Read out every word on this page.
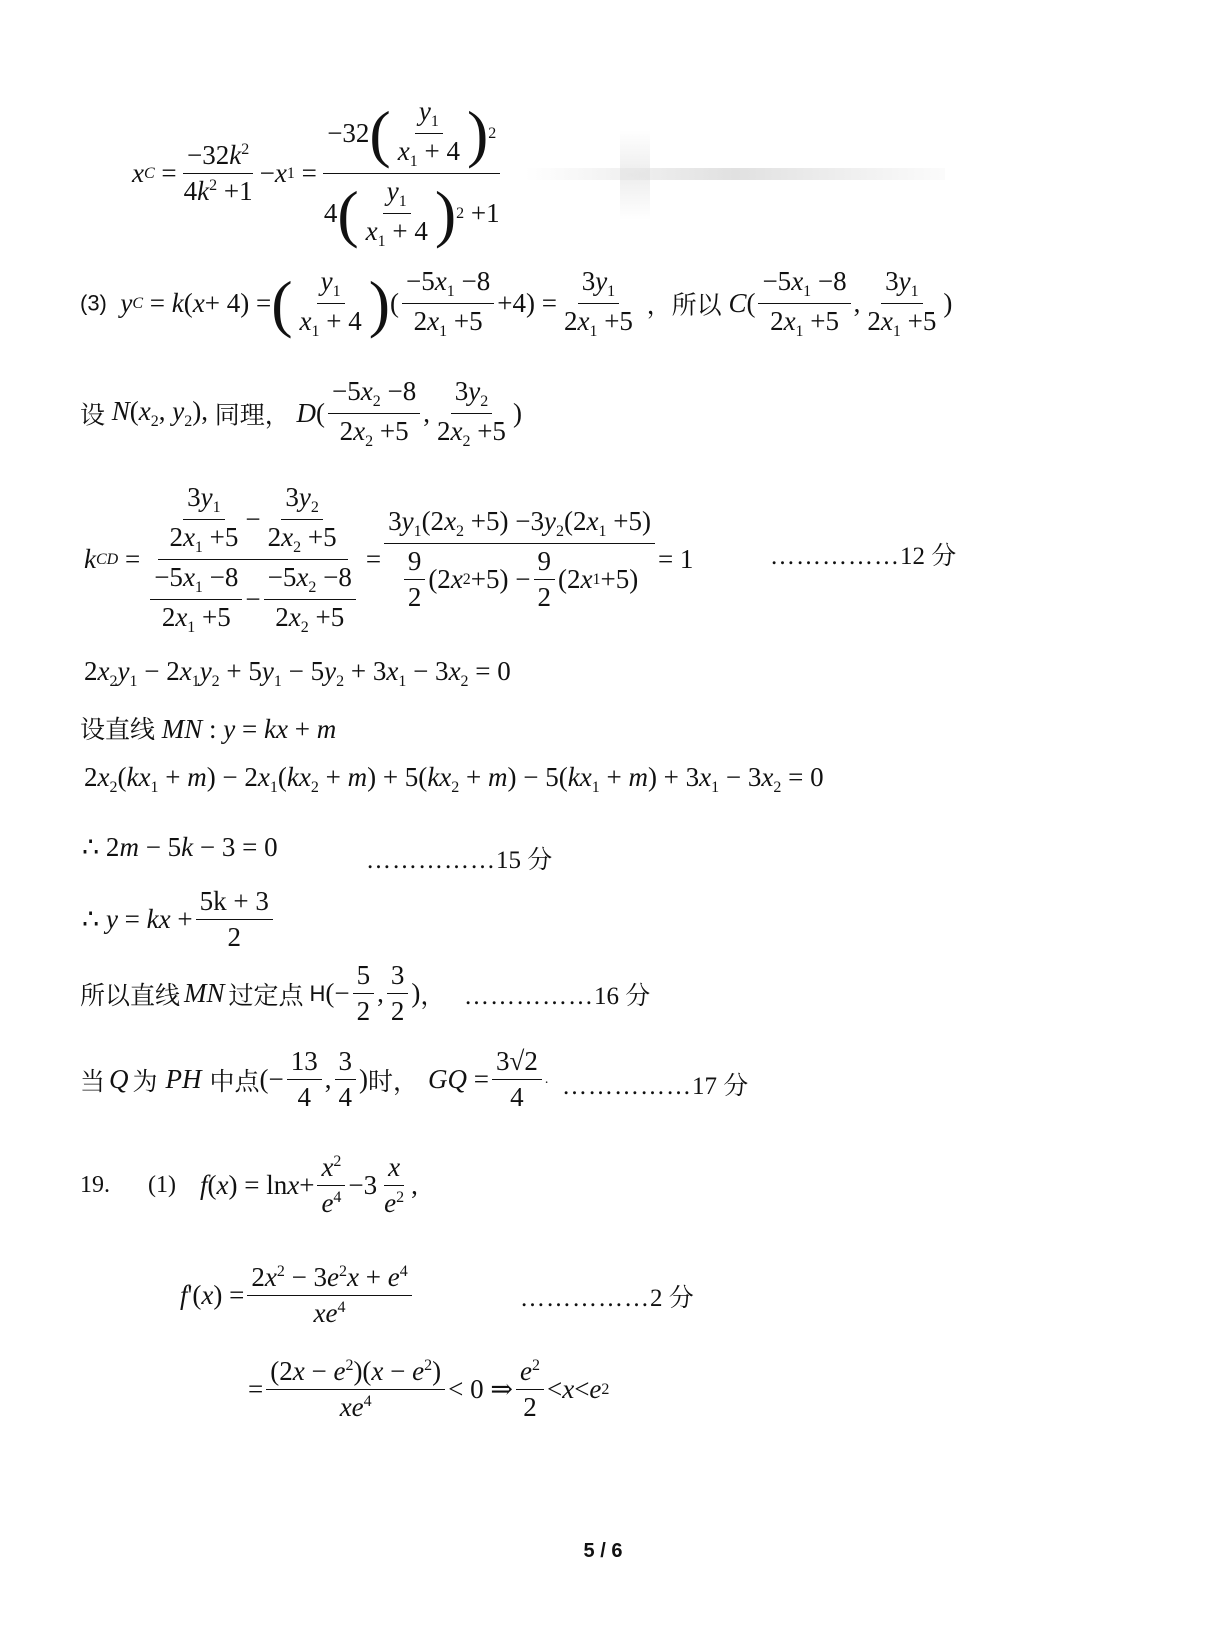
x $C = \frac{-32k^2}{4k^2 +1} - x$ $1 = \frac{-32 ( \frac{y_1}{x_1 + 4} ) 2}{4 ( \frac{y_1}{x_1 + 4} ) 2 +1}$
(3) y C = k ( x + 4) = ( $\frac{y_1}{x_1 + 4}$ ) ( $\frac{-5x_1 -8}{2x_1 +5} +4) = \frac{3y_1}{2x_1 +5}$ ，所以 C ( $\frac{-5x_1 -8}{2x_1 +5}$ , $\frac{3y_1}{2x_1 +5}$ )
设 $N(x_2$, $y_2$), 同理， D ( $\frac{-5x_2 -8}{2x_2 +5}$ , $\frac{3y_2}{2x_2 +5}$ )
k CD = $\frac{\frac{3y_1}{2x_1 +5} - \frac{3y_2}{2x_2 +5}}{\frac{-5x_1 -8}{2x_1 +5} - \frac{-5x_2 -8}{2x_2 +5}} = \frac{3y_1(2x_2 +5) -3y_2(2x_1 +5)}{\frac{9}{2} (2 x 2 +5) - \frac{9}{2} (2 x 1 +5)} = 1$	……………12 分
$2x_2y_1 - 2x_1y_2 + 5y_1 - 5y_2 + 3x_1 - 3x_2 = 0$
设直线 MN : y = kx + m
$2x_2(kx_1 + m) - 2x_1(kx_2 + m) + 5(kx_2 + m) - 5(kx_1 + m) + 3x_1 - 3x_2 = 0$
∴ 2m − 5k − 3 = 0	……………15 分
∴ y = kx + $\frac{5k + 3}{2}$
所以直线 MN 过定点 H (− $\frac{5}{2}$ , $\frac{3}{2}$ ) ， ……………16 分
当 Q 为 PH 中点 (− $\frac{13}{4}$ , $\frac{3}{4}$ ) 时， GQ = $\frac{3√2}{4}$ . ……………17 分
19. (1) f ( x ) = $\ln x + \frac{x^2}{e^4} -3 \frac{x}{e^2}$ ,
f '( x ) = $\frac{2x^2 - 3e^2x + e^4}{xe^4}$	……………2 分
= $\frac{(2x - e^2)(x - e^2)}{xe^4} < 0$ ⇒ $\frac{e^2}{2} < x < e$ 2
5 / 6
